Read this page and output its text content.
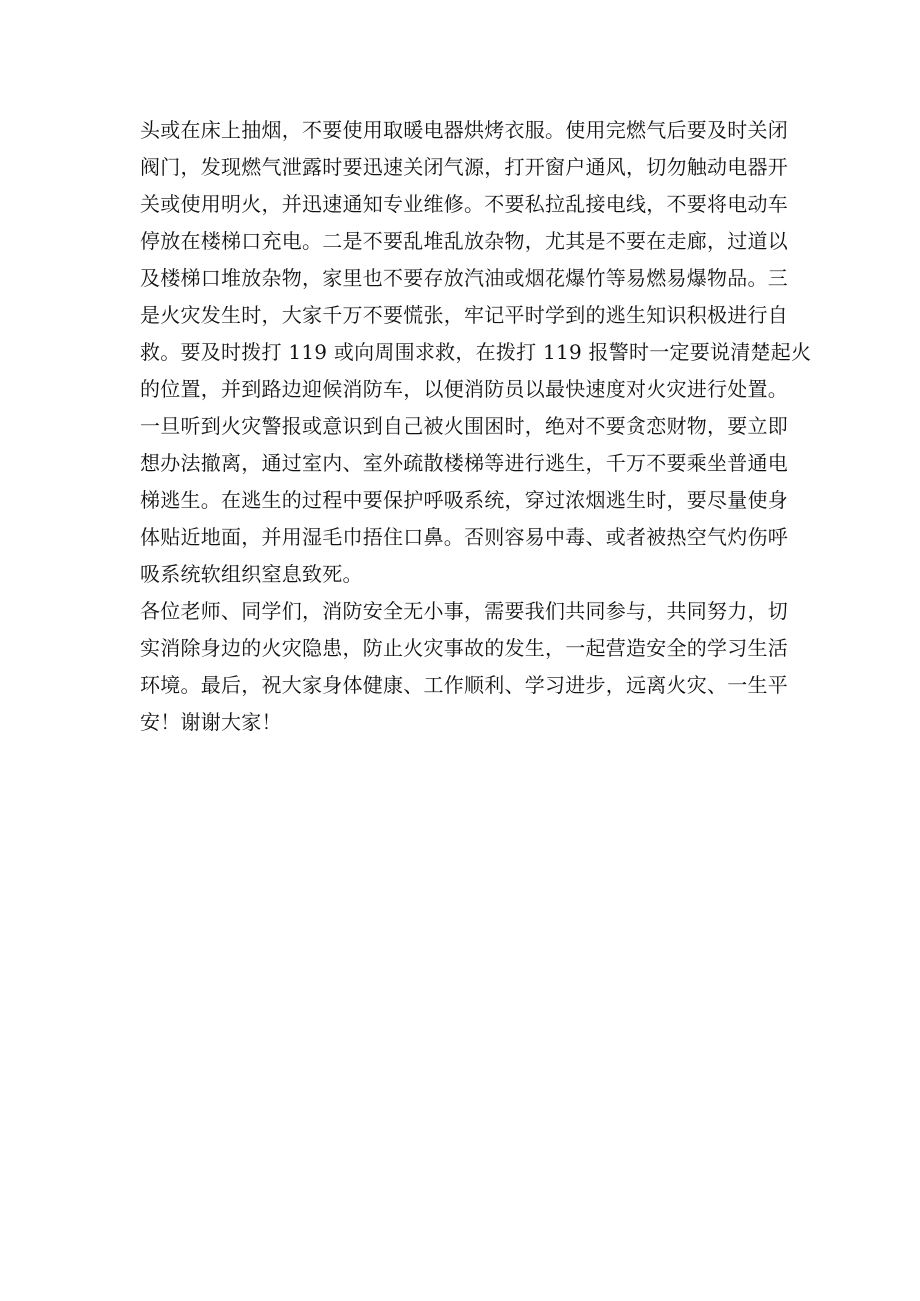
头或在床上抽烟，不要使用取暖电器烘烤衣服。使用完燃气后要及时关闭
阀门，发现燃气泄露时要迅速关闭气源，打开窗户通风，切勿触动电器开
关或使用明火，并迅速通知专业维修。不要私拉乱接电线，不要将电动车
停放在楼梯口充电。二是不要乱堆乱放杂物，尤其是不要在走廊，过道以
及楼梯口堆放杂物，家里也不要存放汽油或烟花爆竹等易燃易爆物品。三
是火灾发生时，大家千万不要慌张，牢记平时学到的逃生知识积极进行自
救。要及时拨打 119 或向周围求救，在拨打 119 报警时一定要说清楚起火
的位置，并到路边迎候消防车，以便消防员以最快速度对火灾进行处置。
一旦听到火灾警报或意识到自己被火围困时，绝对不要贪恋财物，要立即
想办法撤离，通过室内、室外疏散楼梯等进行逃生，千万不要乘坐普通电
梯逃生。在逃生的过程中要保护呼吸系统，穿过浓烟逃生时，要尽量使身
体贴近地面，并用湿毛巾捂住口鼻。否则容易中毒、或者被热空气灼伤呼
吸系统软组织窒息致死。
各位老师、同学们，消防安全无小事，需要我们共同参与，共同努力，切
实消除身边的火灾隐患，防止火灾事故的发生，一起营造安全的学习生活
环境。最后，祝大家身体健康、工作顺利、学习进步，远离火灾、一生平
安！谢谢大家！
